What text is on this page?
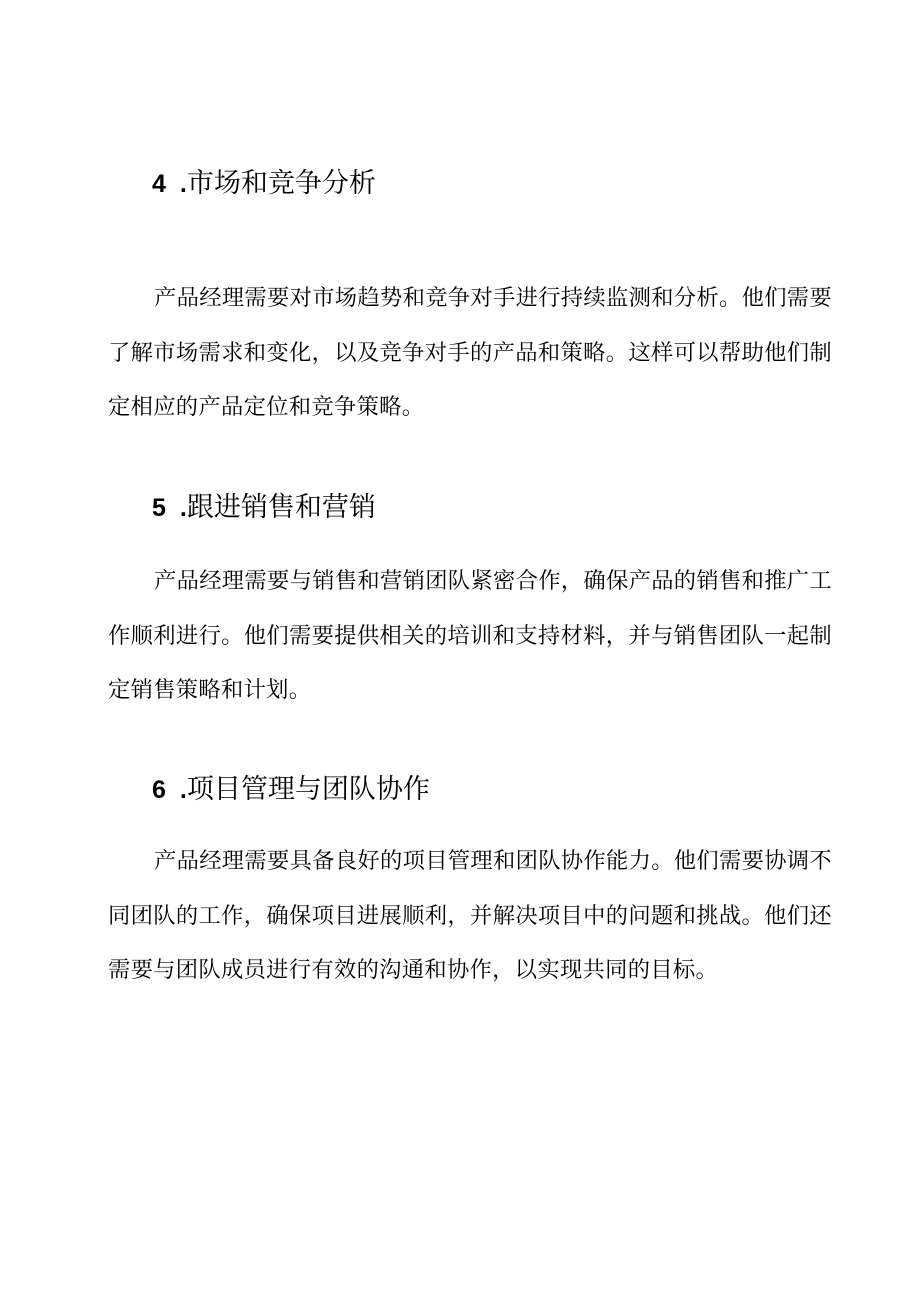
4 .市场和竞争分析

产品经理需要对市场趋势和竞争对手进行持续监测和分析。他们需要了解市场需求和变化，以及竞争对手的产品和策略。这样可以帮助他们制定相应的产品定位和竞争策略。

5 .跟进销售和营销

产品经理需要与销售和营销团队紧密合作，确保产品的销售和推广工作顺利进行。他们需要提供相关的培训和支持材料，并与销售团队一起制定销售策略和计划。

6 .项目管理与团队协作

产品经理需要具备良好的项目管理和团队协作能力。他们需要协调不同团队的工作，确保项目进展顺利，并解决项目中的问题和挑战。他们还需要与团队成员进行有效的沟通和协作，以实现共同的目标。
